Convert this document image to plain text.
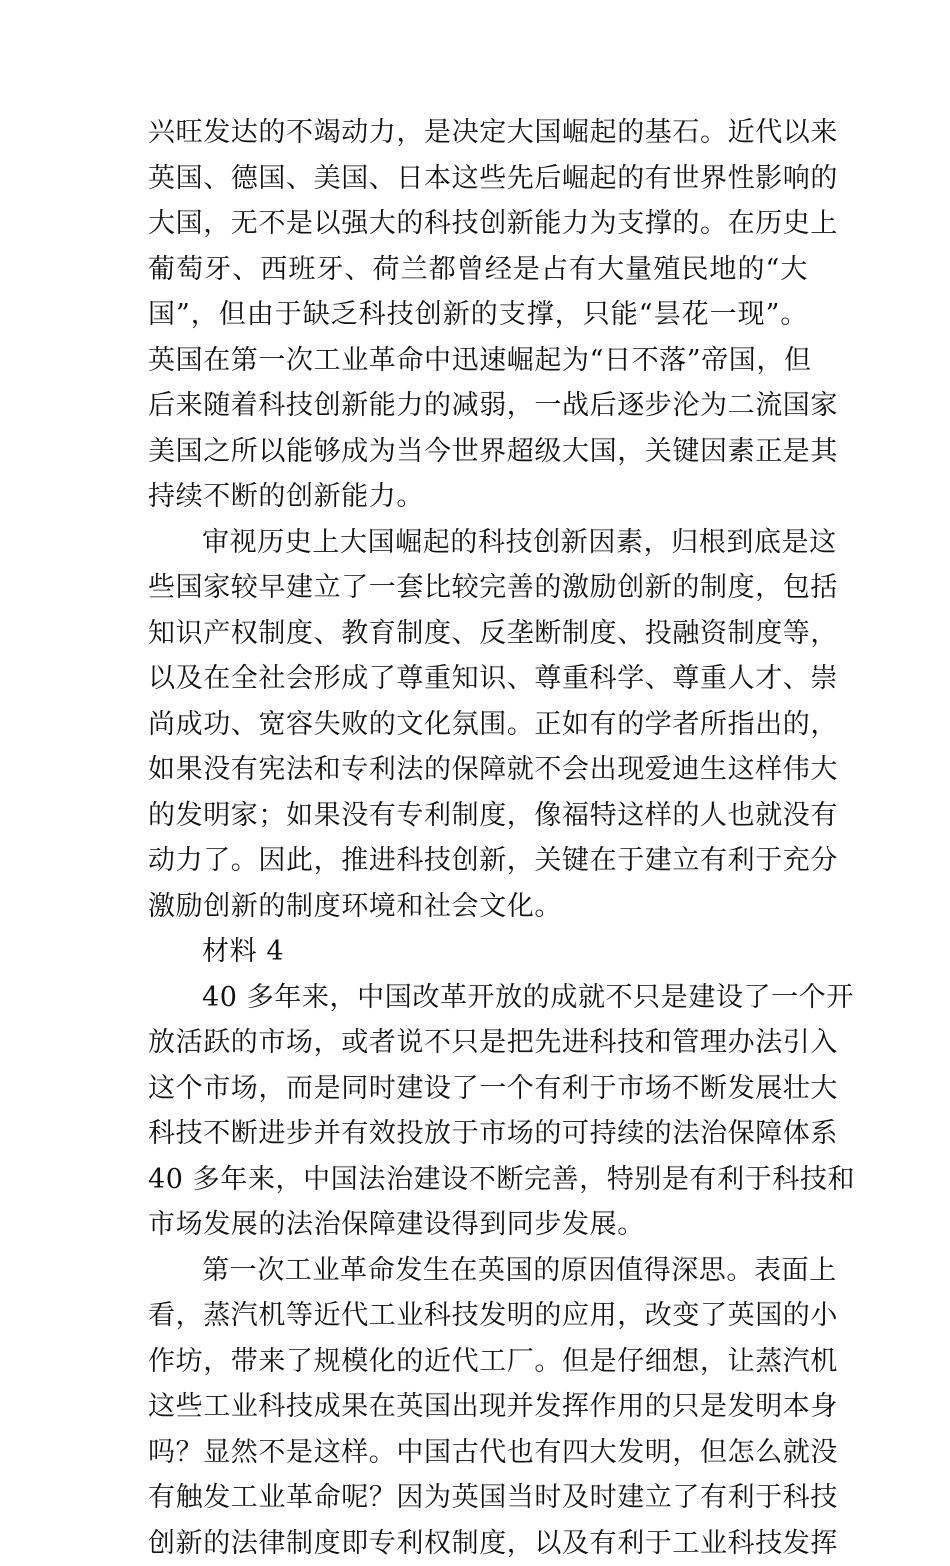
兴旺发达的不竭动力，是决定大国崛起的基石。近代以来
英国、德国、美国、日本这些先后崛起的有世界性影响的
大国，无不是以强大的科技创新能力为支撑的。在历史上
葡萄牙、西班牙、荷兰都曾经是占有大量殖民地的“大
国”，但由于缺乏科技创新的支撑，只能“昙花一现”。
英国在第一次工业革命中迅速崛起为“日不落”帝国，但
后来随着科技创新能力的减弱，一战后逐步沦为二流国家
美国之所以能够成为当今世界超级大国，关键因素正是其
持续不断的创新能力。
审视历史上大国崛起的科技创新因素，归根到底是这
些国家较早建立了一套比较完善的激励创新的制度，包括
知识产权制度、教育制度、反垄断制度、投融资制度等，
以及在全社会形成了尊重知识、尊重科学、尊重人才、崇
尚成功、宽容失败的文化氛围。正如有的学者所指出的，
如果没有宪法和专利法的保障就不会出现爱迪生这样伟大
的发明家；如果没有专利制度，像福特这样的人也就没有
动力了。因此，推进科技创新，关键在于建立有利于充分
激励创新的制度环境和社会文化。
材料 4
40 多年来，中国改革开放的成就不只是建设了一个开
放活跃的市场，或者说不只是把先进科技和管理办法引入
这个市场，而是同时建设了一个有利于市场不断发展壮大
科技不断进步并有效投放于市场的可持续的法治保障体系
40 多年来，中国法治建设不断完善，特别是有利于科技和
市场发展的法治保障建设得到同步发展。
第一次工业革命发生在英国的原因值得深思。表面上
看，蒸汽机等近代工业科技发明的应用，改变了英国的小
作坊，带来了规模化的近代工厂。但是仔细想，让蒸汽机
这些工业科技成果在英国出现并发挥作用的只是发明本身
吗？显然不是这样。中国古代也有四大发明，但怎么就没
有触发工业革命呢？因为英国当时及时建立了有利于科技
创新的法律制度即专利权制度，以及有利于工业科技发挥
